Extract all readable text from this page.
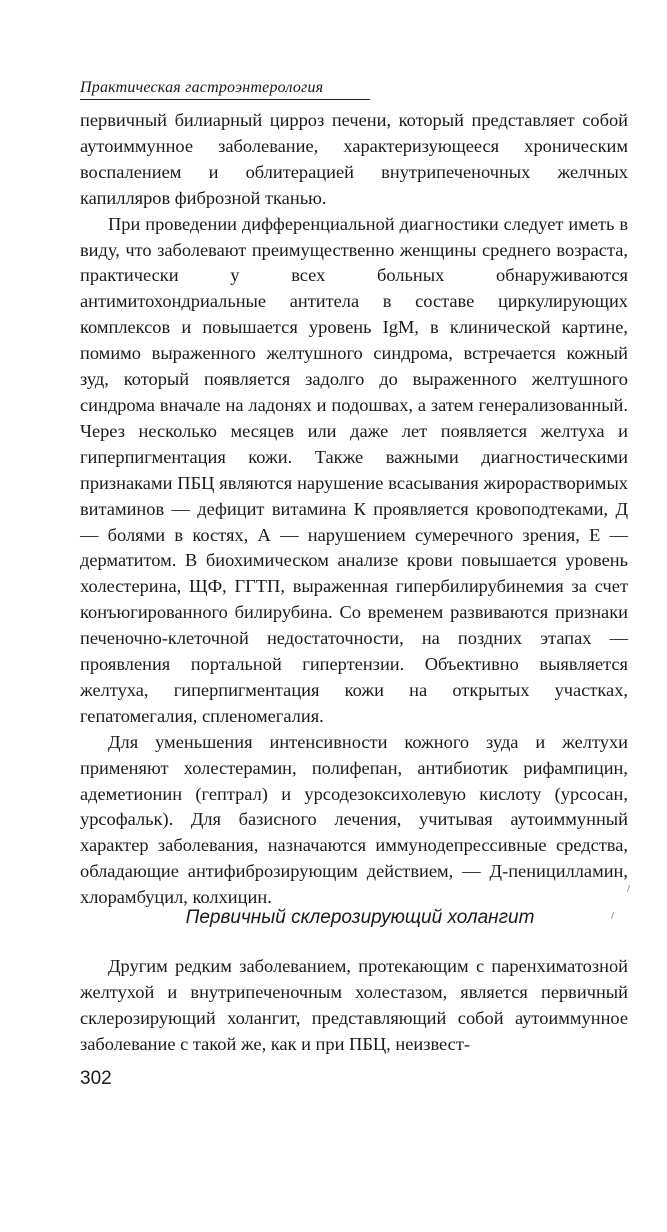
Практическая гастроэнтерология

первичный билиарный цирроз печени, который представляет собой аутоиммунное заболевание, характеризующееся хроническим воспалением и облитерацией внутрипеченочных желчных капилляров фиброзной тканью.

При проведении дифференциальной диагностики следует иметь в виду, что заболевают преимущественно женщины среднего возраста, практически у всех больных обнаруживаются антимитохондриальные антитела в составе циркулирующих комплексов и повышается уровень IgM, в клинической картине, помимо выраженного желтушного синдрома, встречается кожный зуд, который появляется задолго до выраженного желтушного синдрома вначале на ладонях и подошвах, а затем генерализованный. Через несколько месяцев или даже лет появляется желтуха и гиперпигментация кожи. Также важными диагностическими признаками ПБЦ являются нарушение всасывания жирорастворимых витаминов — дефицит витамина К проявляется кровоподтеками, Д — болями в костях, А — нарушением сумеречного зрения, Е — дерматитом. В биохимическом анализе крови повышается уровень холестерина, ЩФ, ГГТП, выраженная гипербилирубинемия за счет конъюгированного билирубина. Со временем развиваются признаки печеночно-клеточной недостаточности, на поздних этапах — проявления портальной гипертензии. Объективно выявляется желтуха, гиперпигментация кожи на открытых участках, гепатомегалия, спленомегалия.

Для уменьшения интенсивности кожного зуда и желтухи применяют холестерамин, полифепан, антибиотик рифампицин, адеметионин (гептрал) и урсодезоксихолевую кислоту (урсосан, урсофальк). Для базисного лечения, учитывая аутоиммунный характер заболевания, назначаются иммунодепрессивные средства, обладающие антифиброзирующим действием, — Д-пеницилламин, хлорамбуцил, колхицин.

Первичный склерозирующий холангит

Другим редким заболеванием, протекающим с паренхиматозной желтухой и внутрипеченочным холестазом, является первичный склерозирующий холангит, представляющий собой аутоиммунное заболевание с такой же, как и при ПБЦ, неизвест-

302
